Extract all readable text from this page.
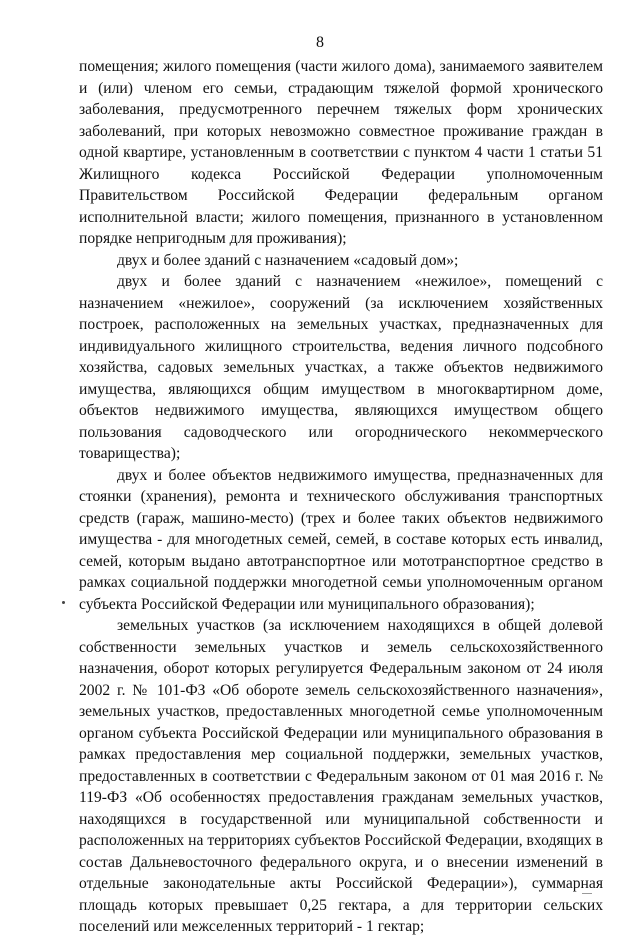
8

помещения; жилого помещения (части жилого дома), занимаемого заявителем и (или) членом его семьи, страдающим тяжелой формой хронического заболевания, предусмотренного перечнем тяжелых форм хронических заболеваний, при которых невозможно совместное проживание граждан в одной квартире, установленным в соответствии с пунктом 4 части 1 статьи 51 Жилищного кодекса Российской Федерации уполномоченным Правительством Российской Федерации федеральным органом исполнительной власти; жилого помещения, признанного в установленном порядке непригодным для проживания);

двух и более зданий с назначением «садовый дом»;

двух и более зданий с назначением «нежилое», помещений с назначением «нежилое», сооружений (за исключением хозяйственных построек, расположенных на земельных участках, предназначенных для индивидуального жилищного строительства, ведения личного подсобного хозяйства, садовых земельных участках, а также объектов недвижимого имущества, являющихся общим имуществом в многоквартирном доме, объектов недвижимого имущества, являющихся имуществом общего пользования садоводческого или огороднического некоммерческого товарищества);

двух и более объектов недвижимого имущества, предназначенных для стоянки (хранения), ремонта и технического обслуживания транспортных средств (гараж, машино-место) (трех и более таких объектов недвижимого имущества - для многодетных семей, семей, в составе которых есть инвалид, семей, которым выдано автотранспортное или мототранспортное средство в рамках социальной поддержки многодетной семьи уполномоченным органом субъекта Российской Федерации или муниципального образования);

земельных участков (за исключением находящихся в общей долевой собственности земельных участков и земель сельскохозяйственного назначения, оборот которых регулируется Федеральным законом от 24 июля 2002 г. № 101-ФЗ «Об обороте земель сельскохозяйственного назначения», земельных участков, предоставленных многодетной семье уполномоченным органом субъекта Российской Федерации или муниципального образования в рамках предоставления мер социальной поддержки, земельных участков, предоставленных в соответствии с Федеральным законом от 01 мая 2016 г. № 119-ФЗ «Об особенностях предоставления гражданам земельных участков, находящихся в государственной или муниципальной собственности и расположенных на территориях субъектов Российской Федерации, входящих в состав Дальневосточного федерального округа, и о внесении изменений в отдельные законодательные акты Российской Федерации»), суммарная площадь которых превышает 0,25 гектара, а для территории сельских поселений или межселенных территорий - 1 гектар;
